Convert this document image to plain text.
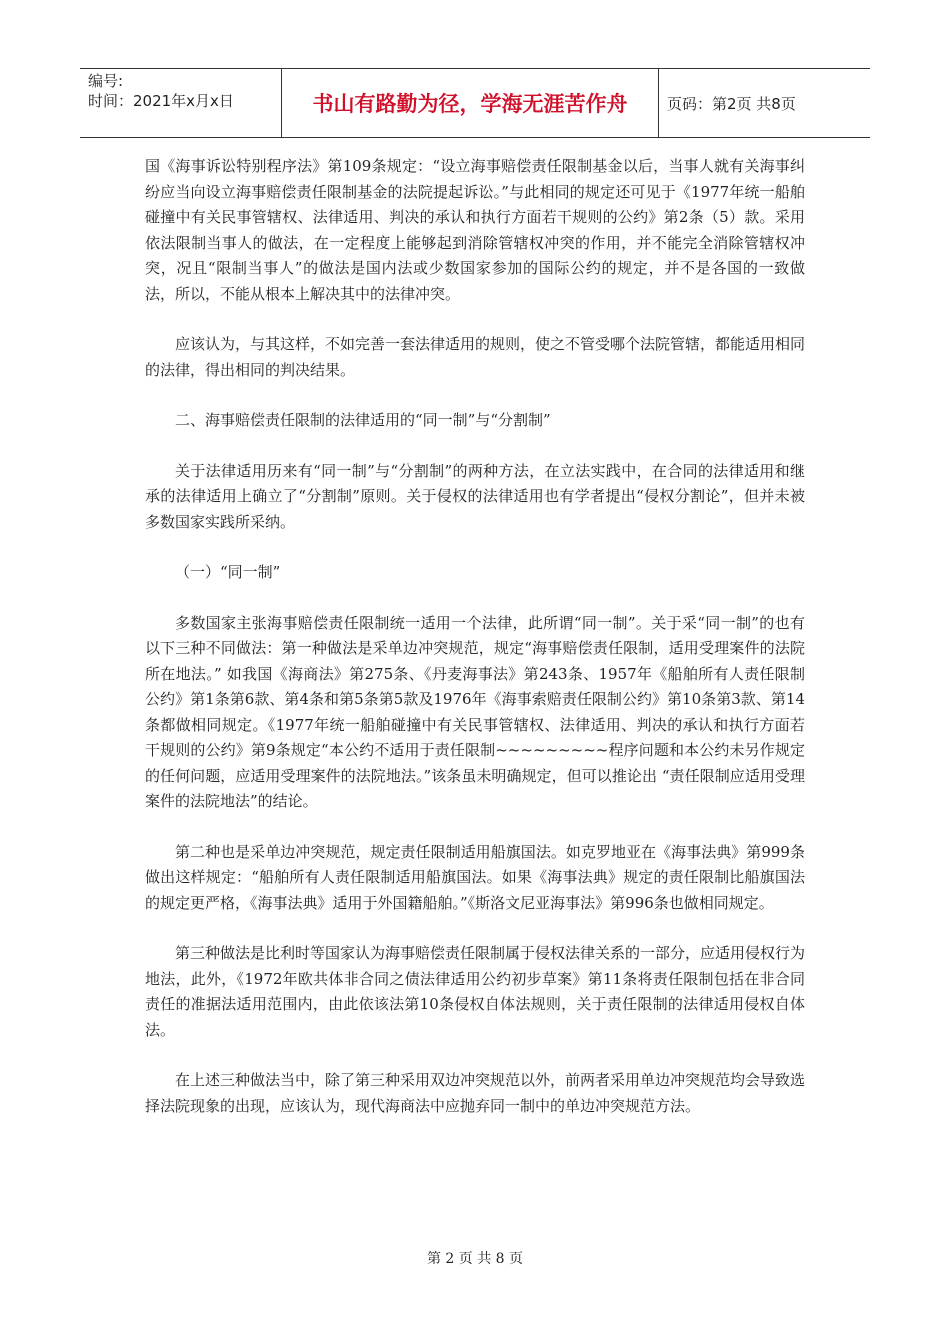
编号:
时间：2021年x月x日	书山有路勤为径，学海无涯苦作舟	页码：第2页 共8页

国《海事诉讼特别程序法》第109条规定：“设立海事赔偿责任限制基金以后，当事人就有关海事纠纷应当向设立海事赔偿责任限制基金的法院提起诉讼。”与此相同的规定还可见于《1977年统一船舶碰撞中有关民事管辖权、法律适用、判决的承认和执行方面若干规则的公约》第2条（5）款。采用依法限制当事人的做法，在一定程度上能够起到消除管辖权冲突的作用，并不能完全消除管辖权冲突，况且“限制当事人”的做法是国内法或少数国家参加的国际公约的规定，并不是各国的一致做法，所以，不能从根本上解决其中的法律冲突。

应该认为，与其这样，不如完善一套法律适用的规则，使之不管受哪个法院管辖，都能适用相同的法律，得出相同的判决结果。

二、海事赔偿责任限制的法律适用的“同一制”与“分割制”

关于法律适用历来有“同一制”与“分割制”的两种方法，在立法实践中，在合同的法律适用和继承的法律适用上确立了“分割制”原则。关于侵权的法律适用也有学者提出“侵权分割论”，但并未被多数国家实践所采纳。

（一）“同一制”

多数国家主张海事赔偿责任限制统一适用一个法律，此所谓“同一制”。关于采“同一制”的也有以下三种不同做法：第一种做法是采单边冲突规范，规定“海事赔偿责任限制，适用受理案件的法院所在地法。” 如我国《海商法》第275条、《丹麦海事法》第243条、1957年《船舶所有人责任限制公约》第1条第6款、第4条和第5条第5款及1976年《海事索赔责任限制公约》第10条第3款、第14条都做相同规定。《1977年统一船舶碰撞中有关民事管辖权、法律适用、判决的承认和执行方面若干规则的公约》第9条规定“本公约不适用于责任限制~~~~~~~~~程序问题和本公约未另作规定的任何问题，应适用受理案件的法院地法。”该条虽未明确规定，但可以推论出 “责任限制应适用受理案件的法院地法”的结论。

第二种也是采单边冲突规范，规定责任限制适用船旗国法。如克罗地亚在《海事法典》第999条做出这样规定：“船舶所有人责任限制适用船旗国法。如果《海事法典》规定的责任限制比船旗国法的规定更严格，《海事法典》适用于外国籍船舶。”《斯洛文尼亚海事法》第996条也做相同规定。

第三种做法是比利时等国家认为海事赔偿责任限制属于侵权法律关系的一部分，应适用侵权行为地法，此外，《1972年欧共体非合同之债法律适用公约初步草案》第11条将责任限制包括在非合同责任的准据法适用范围内，由此依该法第10条侵权自体法规则，关于责任限制的法律适用侵权自体法。

在上述三种做法当中，除了第三种采用双边冲突规范以外，前两者采用单边冲突规范均会导致选择法院现象的出现，应该认为，现代海商法中应抛弃同一制中的单边冲突规范方法。

第 2 页 共 8 页
